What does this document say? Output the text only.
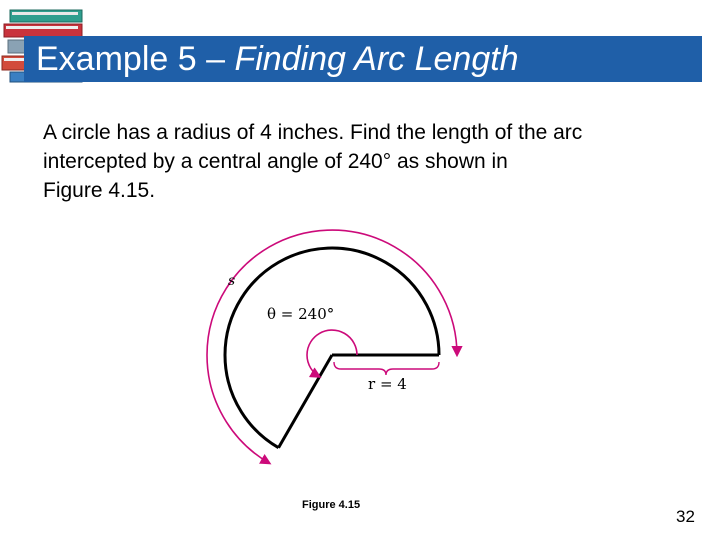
Example 5 – Finding Arc Length
A circle has a radius of 4 inches. Find the length of the arc
intercepted by a central angle of 240° as shown in
Figure 4.15.
s
θ = 240°
r = 4
Figure 4.15
32
